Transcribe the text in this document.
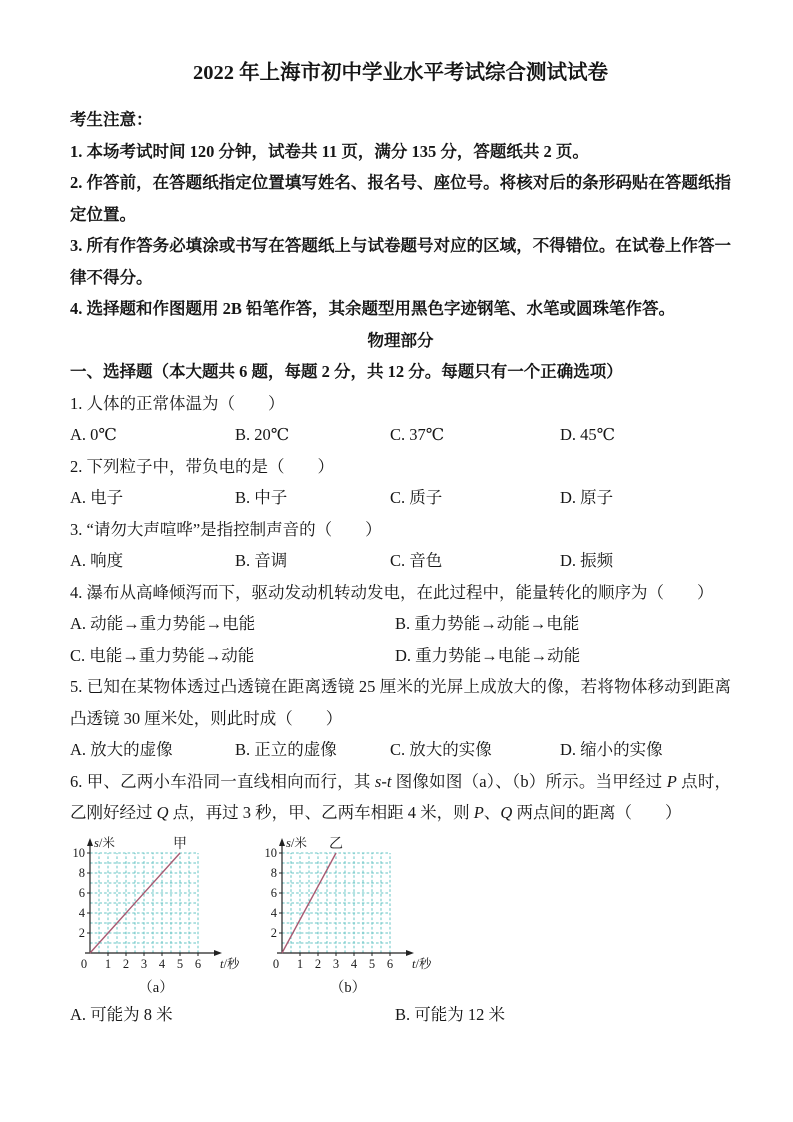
2022 年上海市初中学业水平考试综合测试试卷

考生注意：

1. 本场考试时间 120 分钟，试卷共 11 页，满分 135 分，答题纸共 2 页。

2. 作答前，在答题纸指定位置填写姓名、报名号、座位号。将核对后的条形码贴在答题纸指定位置。

3. 所有作答务必填涂或书写在答题纸上与试卷题号对应的区域，不得错位。在试卷上作答一律不得分。

4. 选择题和作图题用 2B 铅笔作答，其余题型用黑色字迹钢笔、水笔或圆珠笔作答。

物理部分

一、选择题（本大题共 6 题，每题 2 分，共 12 分。每题只有一个正确选项）

1. 人体的正常体温为（　　）

A. 0℃	B. 20℃	C. 37℃	D. 45℃

2. 下列粒子中，带负电的是（　　）

A. 电子	B. 中子	C. 质子	D. 原子

3. “请勿大声喧哗”是指控制声音的（　　）

A. 响度	B. 音调	C. 音色	D. 振频

4. 瀑布从高峰倾泻而下，驱动发动机转动发电，在此过程中，能量转化的顺序为（　　）

A. 动能→重力势能→电能	B. 重力势能→动能→电能
C. 电能→重力势能→动能	D. 重力势能→电能→动能

5. 已知在某物体透过凸透镜在距离透镜 25 厘米的光屏上成放大的像，若将物体移动到距离凸透镜 30 厘米处，则此时成（　　）

A. 放大的虚像	B. 正立的虚像	C. 放大的实像	D. 缩小的实像

6. 甲、乙两小车沿同一直线相向而行，其 s-t 图像如图（a）、（b）所示。当甲经过 P 点时，乙刚好经过 Q 点，再过 3 秒，甲、乙两车相距 4 米，则 P、Q 两点间的距离（　　）

0 1 2 3 4 5 6
2
4
6
8
10
甲
s/米
t/秒
（a）
0 1 2 3 4 5 6
2
4
6
8
10
乙
s/米
t/秒
（b）
A. 可能为 8 米	B. 可能为 12 米
